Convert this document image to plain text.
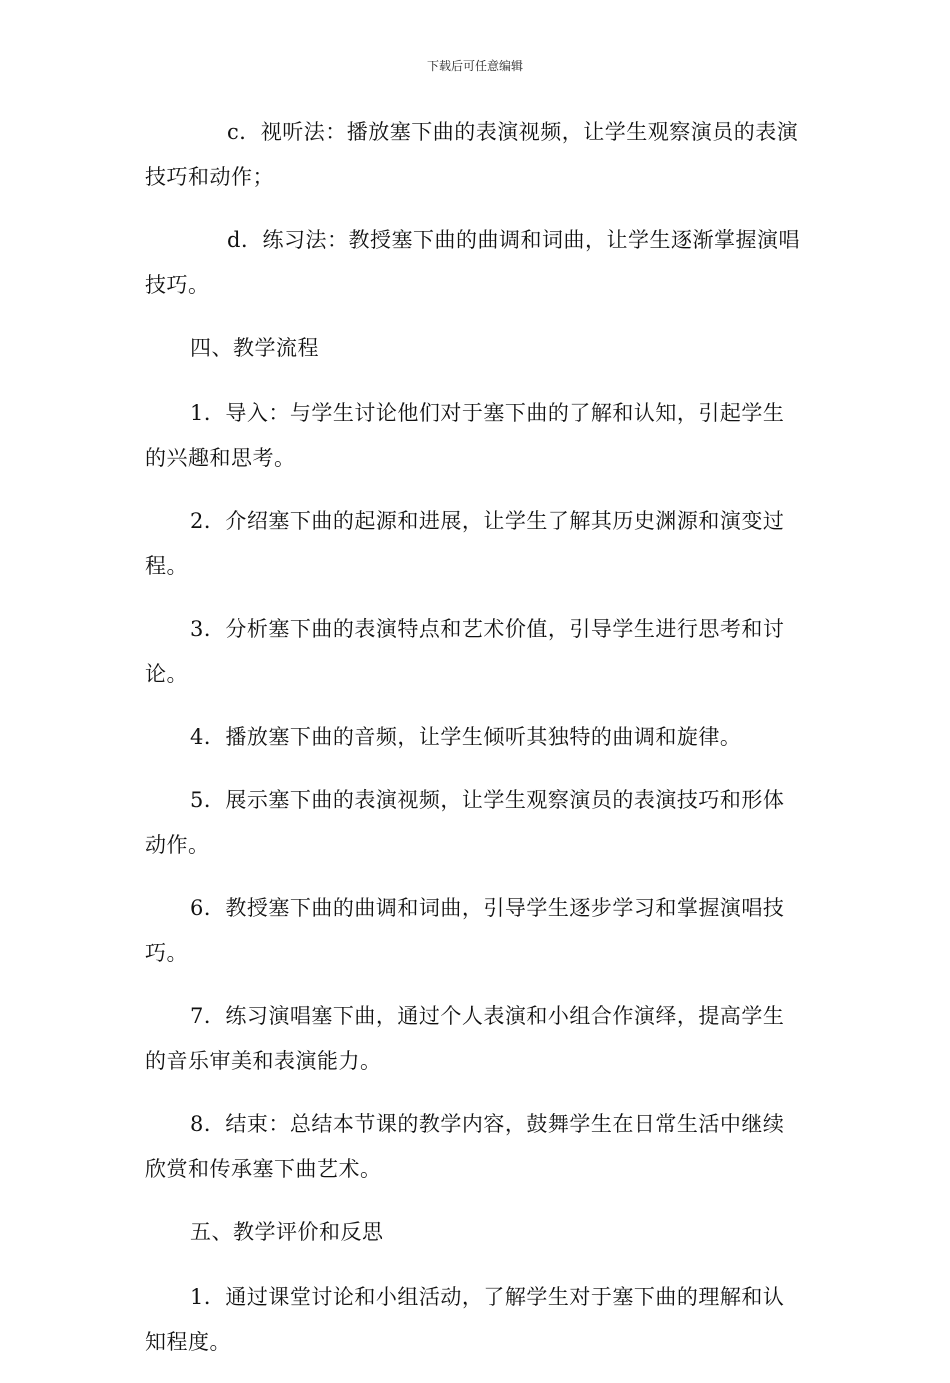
下载后可任意编辑

c．视听法：播放塞下曲的表演视频，让学生观察演员的表演技巧和动作；

d．练习法：教授塞下曲的曲调和词曲，让学生逐渐掌握演唱技巧。

四、教学流程

1．导入：与学生讨论他们对于塞下曲的了解和认知，引起学生的兴趣和思考。

2．介绍塞下曲的起源和进展，让学生了解其历史渊源和演变过程。

3．分析塞下曲的表演特点和艺术价值，引导学生进行思考和讨论。

4．播放塞下曲的音频，让学生倾听其独特的曲调和旋律。

5．展示塞下曲的表演视频，让学生观察演员的表演技巧和形体动作。

6．教授塞下曲的曲调和词曲，引导学生逐步学习和掌握演唱技巧。

7．练习演唱塞下曲，通过个人表演和小组合作演绎，提高学生的音乐审美和表演能力。

8．结束：总结本节课的教学内容，鼓舞学生在日常生活中继续欣赏和传承塞下曲艺术。

五、教学评价和反思

1．通过课堂讨论和小组活动，了解学生对于塞下曲的理解和认知程度。
